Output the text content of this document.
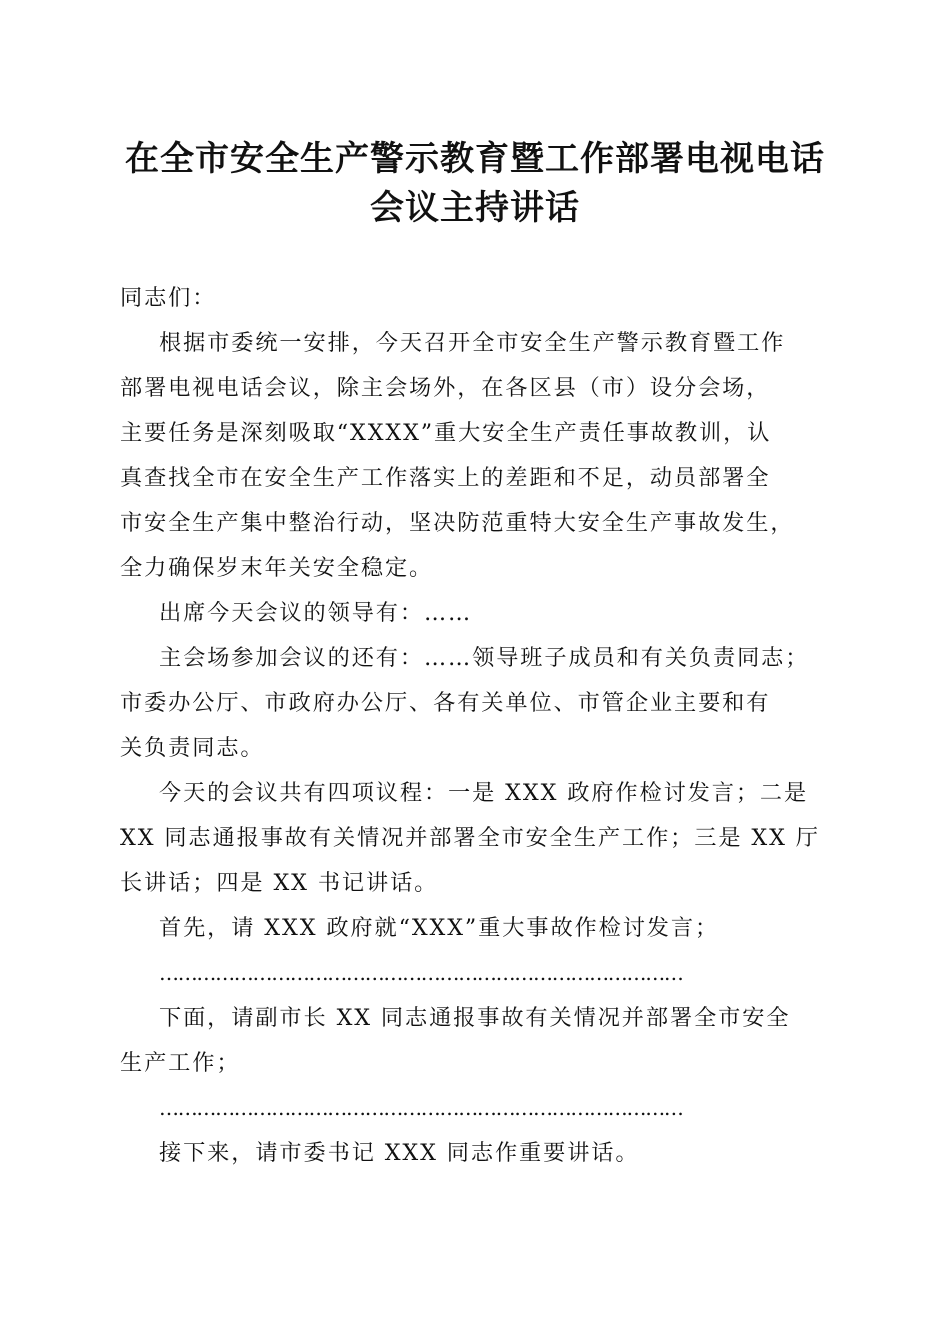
在全市安全生产警示教育暨工作部署电视电话
会议主持讲话
同志们：
根据市委统一安排，今天召开全市安全生产警示教育暨工作
部署电视电话会议，除主会场外，在各区县（市）设分会场，
主要任务是深刻吸取“XXXX”重大安全生产责任事故教训，认
真查找全市在安全生产工作落实上的差距和不足，动员部署全
市安全生产集中整治行动，坚决防范重特大安全生产事故发生，
全力确保岁末年关安全稳定。
出席今天会议的领导有：……
主会场参加会议的还有：……领导班子成员和有关负责同志；
市委办公厅、市政府办公厅、各有关单位、市管企业主要和有
关负责同志。
今天的会议共有四项议程：一是 XXX 政府作检讨发言；二是
XX 同志通报事故有关情况并部署全市安全生产工作；三是 XX 厅
长讲话；四是 XX 书记讲话。
首先，请 XXX 政府就“XXX”重大事故作检讨发言；
…………………………………………………………………………
下面，请副市长 XX 同志通报事故有关情况并部署全市安全
生产工作；
…………………………………………………………………………
接下来，请市委书记 XXX 同志作重要讲话。
